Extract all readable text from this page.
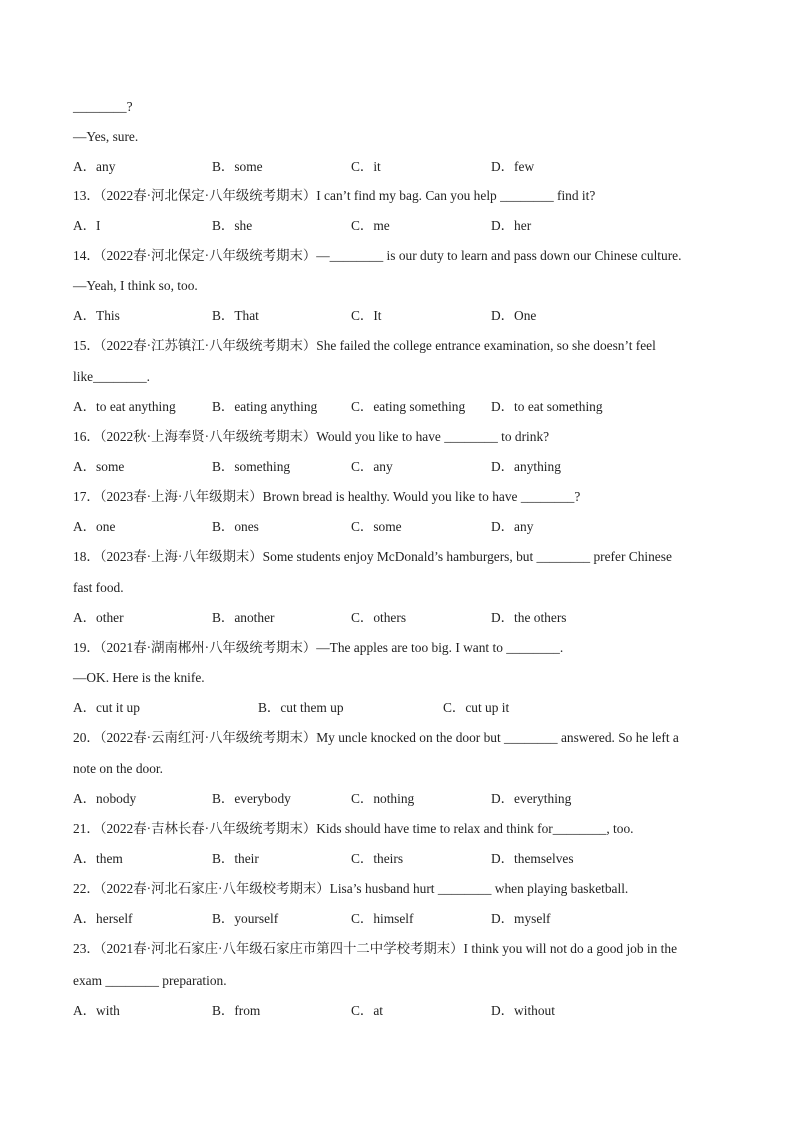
________?
—Yes, sure.
A．any	B．some	C．it	D．few
13．（2022春·河北保定·八年级统考期末）I can’t find my bag. Can you help ________ find it?
A．I	B．she	C．me	D．her
14．（2022春·河北保定·八年级统考期末）—________ is our duty to learn and pass down our Chinese culture.
—Yeah, I think so, too.
A．This	B．That	C．It	D．One
15．（2022春·江苏镇江·八年级统考期末）She failed the college entrance examination, so she doesn’t feel
like________.
A．to eat anything	B．eating anything	C．eating something D．to eat something
16．（2022秋·上海奉贤·八年级统考期末）Would you like to have ________ to drink?
A．some	B．something	C．any	D．anything
17．（2023春·上海·八年级期末）Brown bread is healthy. Would you like to have ________?
A．one	B．ones	C．some	D．any
18．（2023春·上海·八年级期末）Some students enjoy McDonald’s hamburgers, but ________ prefer Chinese
fast food.
A．other	B．another	C．others	D．the others
19．（2021春·湖南郴州·八年级统考期末）—The apples are too big. I want to ________.
—OK. Here is the knife.
A．cut it up	B．cut them up	C．cut up it
20．（2022春·云南红河·八年级统考期末）My uncle knocked on the door but ________ answered. So he left a
note on the door.
A．nobody	B．everybody	C．nothing	D．everything
21．（2022春·吉林长春·八年级统考期末）Kids should have time to relax and think for________, too.
A．them	B．their	C．theirs	D．themselves
22．（2022春·河北石家庄·八年级校考期末）Lisa’s husband hurt ________ when playing basketball.
A．herself	B．yourself	C．himself	D．myself
23．（2021春·河北石家庄·八年级石家庄市第四十二中学校考期末）I think you will not do a good job in the
exam ________ preparation.
A．with	B．from	C．at	D．without
